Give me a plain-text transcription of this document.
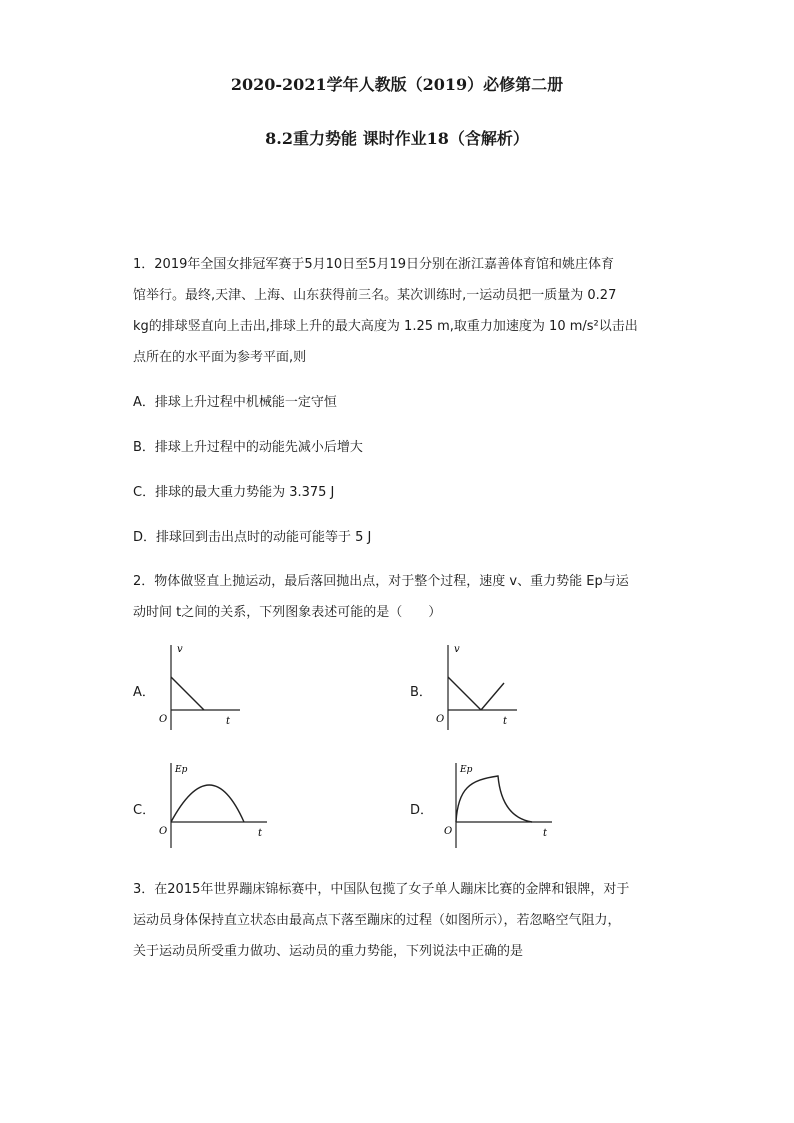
2020-2021学年人教版（2019）必修第二册
8.2重力势能 课时作业18（含解析）
1．2019年全国女排冠军赛于5月10日至5月19日分别在浙江嘉善体育馆和姚庄体育
馆举行。最终,天津、上海、山东获得前三名。某次训练时,一运动员把一质量为 0.27
kg的排球竖直向上击出,排球上升的最大高度为 1.25 m,取重力加速度为 10 m/s²以击出
点所在的水平面为参考平面,则
A．排球上升过程中机械能一定守恒
B．排球上升过程中的动能先减小后增大
C．排球的最大重力势能为 3.375 J
D．排球回到击出点时的动能可能等于 5 J
2．物体做竖直上抛运动，最后落回抛出点，对于整个过程，速度 v、重力势能 Ep与运
动时间 t之间的关系，下列图象表述可能的是（　　）
A．	B．
C．	D．
v
O	t
v
O	t
Ep
O	t
Ep
O	t
3．在2015年世界蹦床锦标赛中，中国队包揽了女子单人蹦床比赛的金牌和银牌，对于
运动员身体保持直立状态由最高点下落至蹦床的过程（如图所示），若忽略空气阻力，
关于运动员所受重力做功、运动员的重力势能，下列说法中正确的是
